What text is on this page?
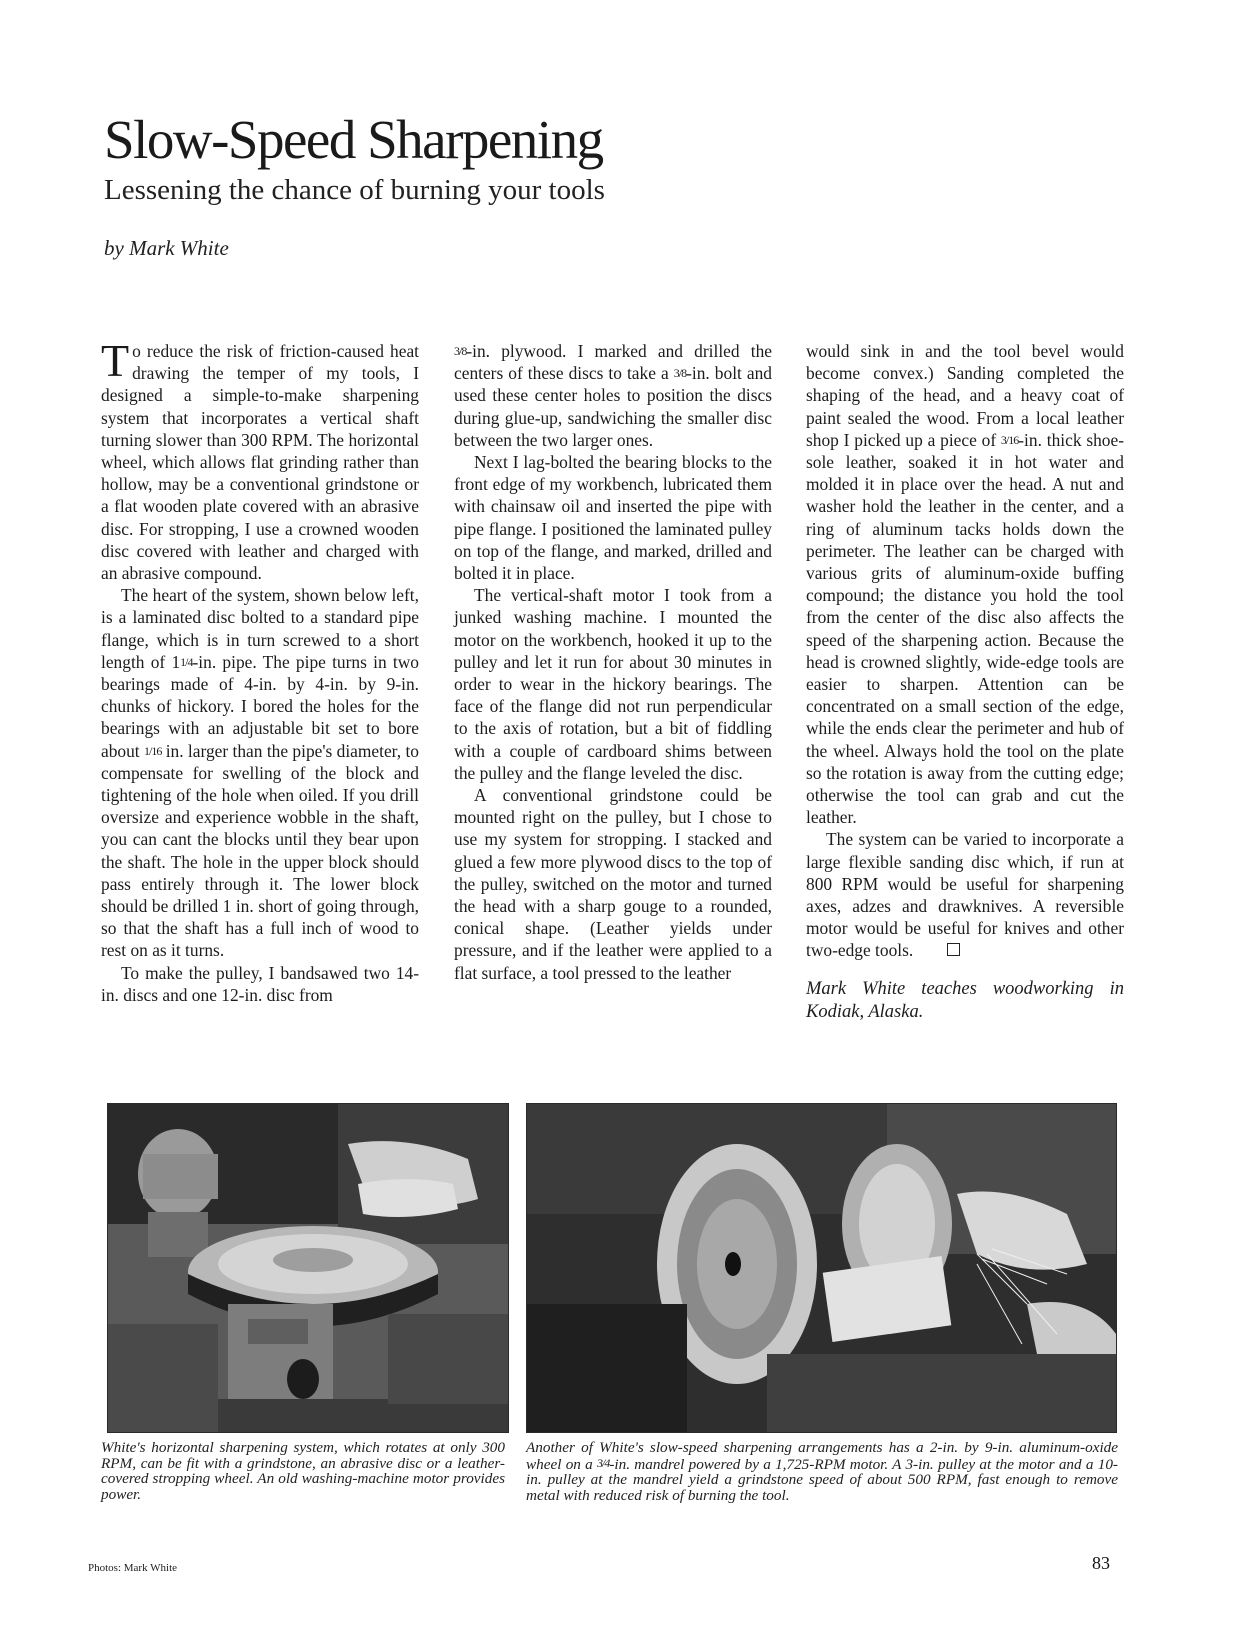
Slow-Speed Sharpening
Lessening the chance of burning your tools
by Mark White

To reduce the risk of friction-caused heat drawing the temper of my tools, I designed a simple-to-make sharpening system that incorporates a vertical shaft turning slower than 300 RPM. The horizontal wheel, which allows flat grinding rather than hollow, may be a conventional grindstone or a flat wooden plate covered with an abrasive disc. For stropping, I use a crowned wooden disc covered with leather and charged with an abrasive compound.

The heart of the system, shown below left, is a laminated disc bolted to a standard pipe flange, which is in turn screwed to a short length of 11/4-in. pipe. The pipe turns in two bearings made of 4-in. by 4-in. by 9-in. chunks of hickory. I bored the holes for the bearings with an adjustable bit set to bore about 1/16 in. larger than the pipe's diameter, to compensate for swelling of the block and tightening of the hole when oiled. If you drill oversize and experience wobble in the shaft, you can cant the blocks until they bear upon the shaft. The hole in the upper block should pass entirely through it. The lower block should be drilled 1 in. short of going through, so that the shaft has a full inch of wood to rest on as it turns.

To make the pulley, I bandsawed two 14-in. discs and one 12-in. disc from

3/8-in. plywood. I marked and drilled the centers of these discs to take a 3/8-in. bolt and used these center holes to position the discs during glue-up, sandwiching the smaller disc between the two larger ones.

Next I lag-bolted the bearing blocks to the front edge of my workbench, lubricated them with chainsaw oil and inserted the pipe with pipe flange. I positioned the laminated pulley on top of the flange, and marked, drilled and bolted it in place.

The vertical-shaft motor I took from a junked washing machine. I mounted the motor on the workbench, hooked it up to the pulley and let it run for about 30 minutes in order to wear in the hickory bearings. The face of the flange did not run perpendicular to the axis of rotation, but a bit of fiddling with a couple of cardboard shims between the pulley and the flange leveled the disc.

A conventional grindstone could be mounted right on the pulley, but I chose to use my system for stropping. I stacked and glued a few more plywood discs to the top of the pulley, switched on the motor and turned the head with a sharp gouge to a rounded, conical shape. (Leather yields under pressure, and if the leather were applied to a flat surface, a tool pressed to the leather

would sink in and the tool bevel would become convex.) Sanding completed the shaping of the head, and a heavy coat of paint sealed the wood. From a local leather shop I picked up a piece of 3/16-in. thick shoe-sole leather, soaked it in hot water and molded it in place over the head. A nut and washer hold the leather in the center, and a ring of aluminum tacks holds down the perimeter. The leather can be charged with various grits of aluminum-oxide buffing compound; the distance you hold the tool from the center of the disc also affects the speed of the sharpening action. Because the head is crowned slightly, wide-edge tools are easier to sharpen. Attention can be concentrated on a small section of the edge, while the ends clear the perimeter and hub of the wheel. Always hold the tool on the plate so the rotation is away from the cutting edge; otherwise the tool can grab and cut the leather.

The system can be varied to incorporate a large flexible sanding disc which, if run at 800 RPM would be useful for sharpening axes, adzes and drawknives. A reversible motor would be useful for knives and other two-edge tools.

Mark White teaches woodworking in Kodiak, Alaska.

White's horizontal sharpening system, which rotates at only 300 RPM, can be fit with a grindstone, an abrasive disc or a leather-covered stropping wheel. An old washing-machine motor provides power.
Another of White's slow-speed sharpening arrangements has a 2-in. by 9-in. aluminum-oxide wheel on a 3/4-in. mandrel powered by a 1,725-RPM motor. A 3-in. pulley at the motor and a 10-in. pulley at the mandrel yield a grindstone speed of about 500 RPM, fast enough to remove metal with reduced risk of burning the tool.
Photos: Mark White	83
